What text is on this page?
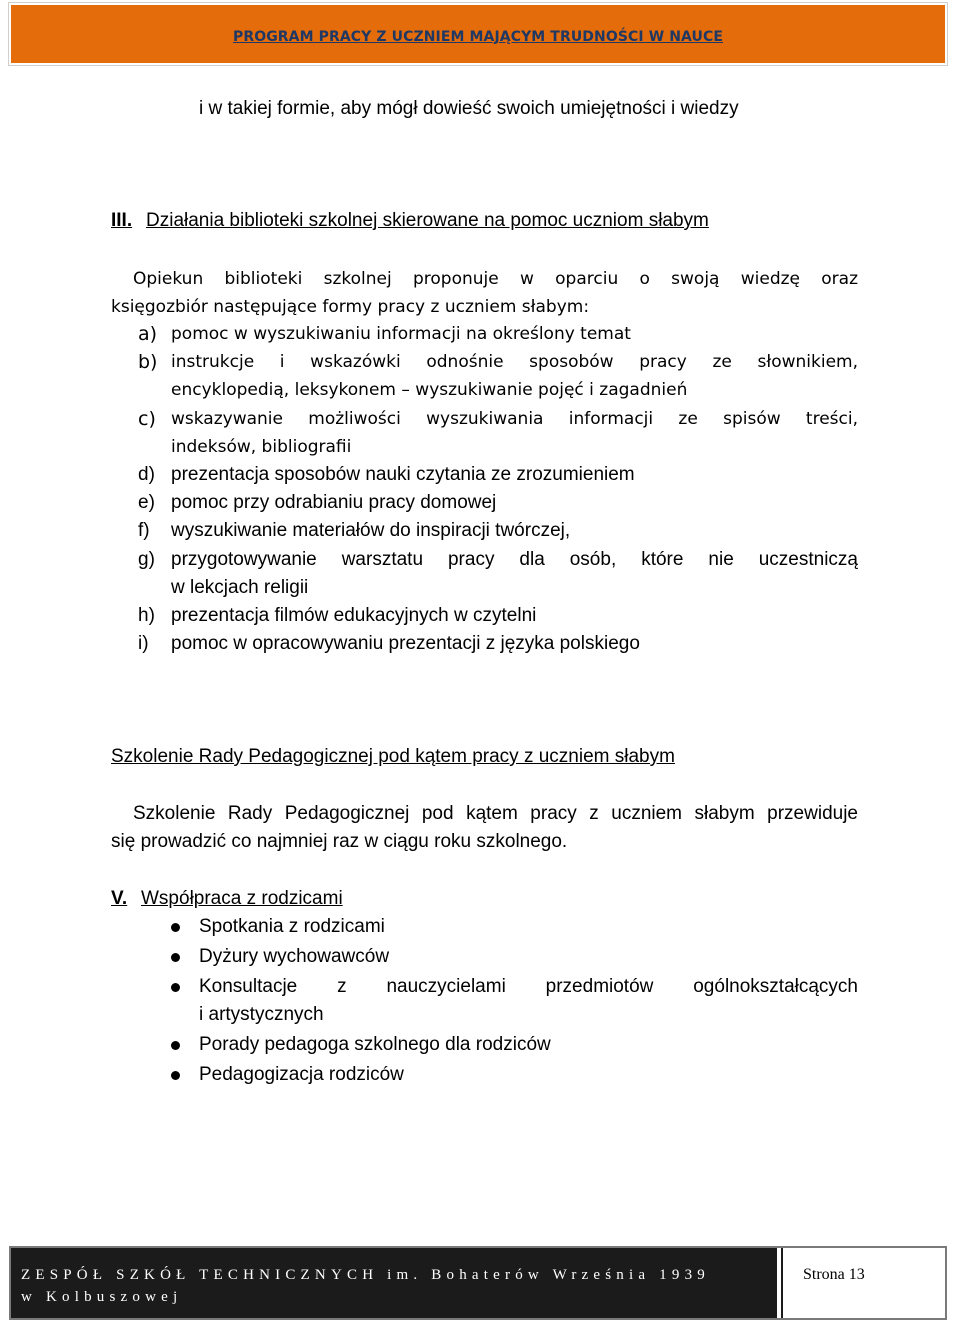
PROGRAM PRACY Z UCZNIEM MAJĄCYM TRUDNOŚCI W NAUCE
i w takiej formie, aby mógł dowieść swoich umiejętności i wiedzy
III. Działania biblioteki szkolnej skierowane na pomoc uczniom słabym
Opiekun biblioteki szkolnej proponuje w oparciu o swoją wiedzę oraz
księgozbiór następujące formy pracy z uczniem słabym:
a) pomoc w wyszukiwaniu informacji na określony temat
b) instrukcje i wskazówki odnośnie sposobów pracy ze słownikiem,
encyklopedią, leksykonem – wyszukiwanie pojęć i zagadnień
c) wskazywanie możliwości wyszukiwania informacji ze spisów treści,
indeksów, bibliografii
d) prezentacja sposobów nauki czytania ze zrozumieniem
e) pomoc przy odrabianiu pracy domowej
f) wyszukiwanie materiałów do inspiracji twórczej,
g) przygotowywanie warsztatu pracy dla osób, które nie uczestniczą
w lekcjach religii
h) prezentacja filmów edukacyjnych w czytelni
i) pomoc w opracowywaniu prezentacji z języka polskiego
Szkolenie Rady Pedagogicznej pod kątem pracy z uczniem słabym
Szkolenie Rady Pedagogicznej pod kątem pracy z uczniem słabym przewiduje
się prowadzić co najmniej raz w ciągu roku szkolnego.
V. Współpraca z rodzicami
Spotkania z rodzicami
Dyżury wychowawców
Konsultacje z nauczycielami przedmiotów ogólnokształcących
i artystycznych
Porady pedagoga szkolnego dla rodziców
Pedagogizacja rodziców
ZESPÓŁ SZKÓŁ TECHNICZNYCH im. Bohaterów Września 1939
w Kolbuszowej
Strona 13
